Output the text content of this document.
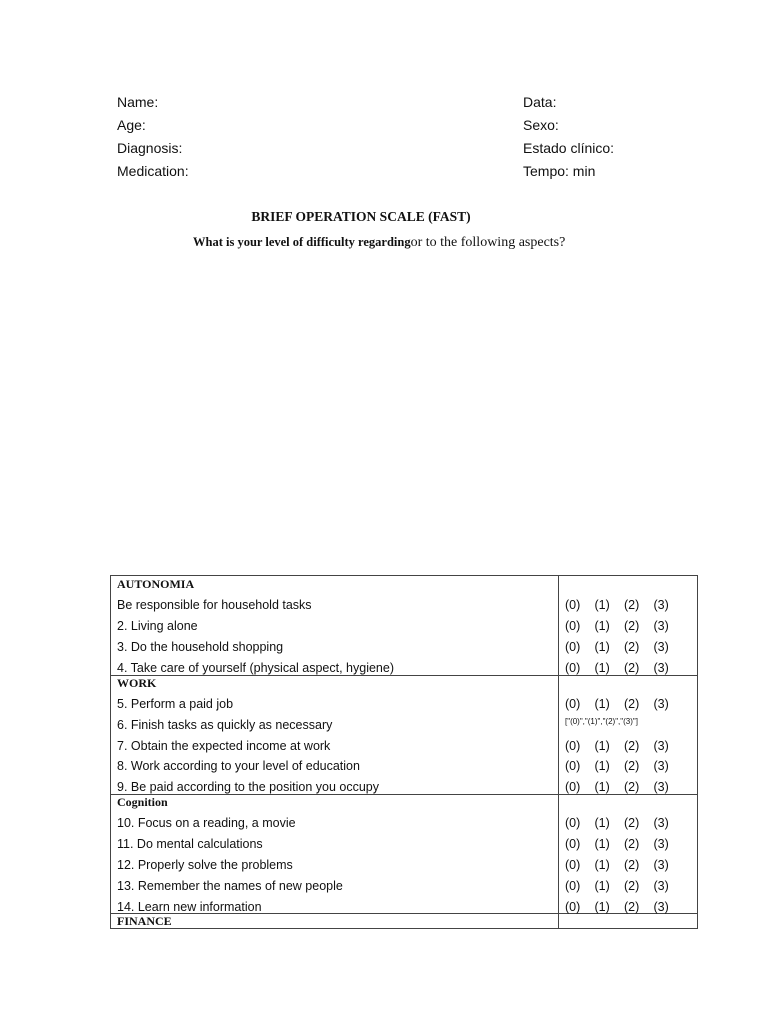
Name:
Age:
Diagnosis:
Medication:
Data:
Sexo:
Estado clínico:
Tempo: min
BRIEF OPERATION SCALE (FAST)
What is your level of difficulty regardingor to the following aspects?
AUTONOMIA
Be responsible for household tasks	(0) (1) (2) (3)
2. Living alone	(0) (1) (2) (3)
3. Do the household shopping	(0) (1) (2) (3)
4. Take care of yourself (physical aspect, hygiene)	(0) (1) (2) (3)
WORK
5. Perform a paid job	(0) (1) (2) (3)
6. Finish tasks as quickly as necessary	["(0)","(1)","(2)","(3)"]
7. Obtain the expected income at work	(0) (1) (2) (3)
8. Work according to your level of education	(0) (1) (2) (3)
9. Be paid according to the position you occupy	(0) (1) (2) (3)
Cognition
10. Focus on a reading, a movie	(0) (1) (2) (3)
11. Do mental calculations	(0) (1) (2) (3)
12. Properly solve the problems	(0) (1) (2) (3)
13. Remember the names of new people	(0) (1) (2) (3)
14. Learn new information	(0) (1) (2) (3)
FINANCE
